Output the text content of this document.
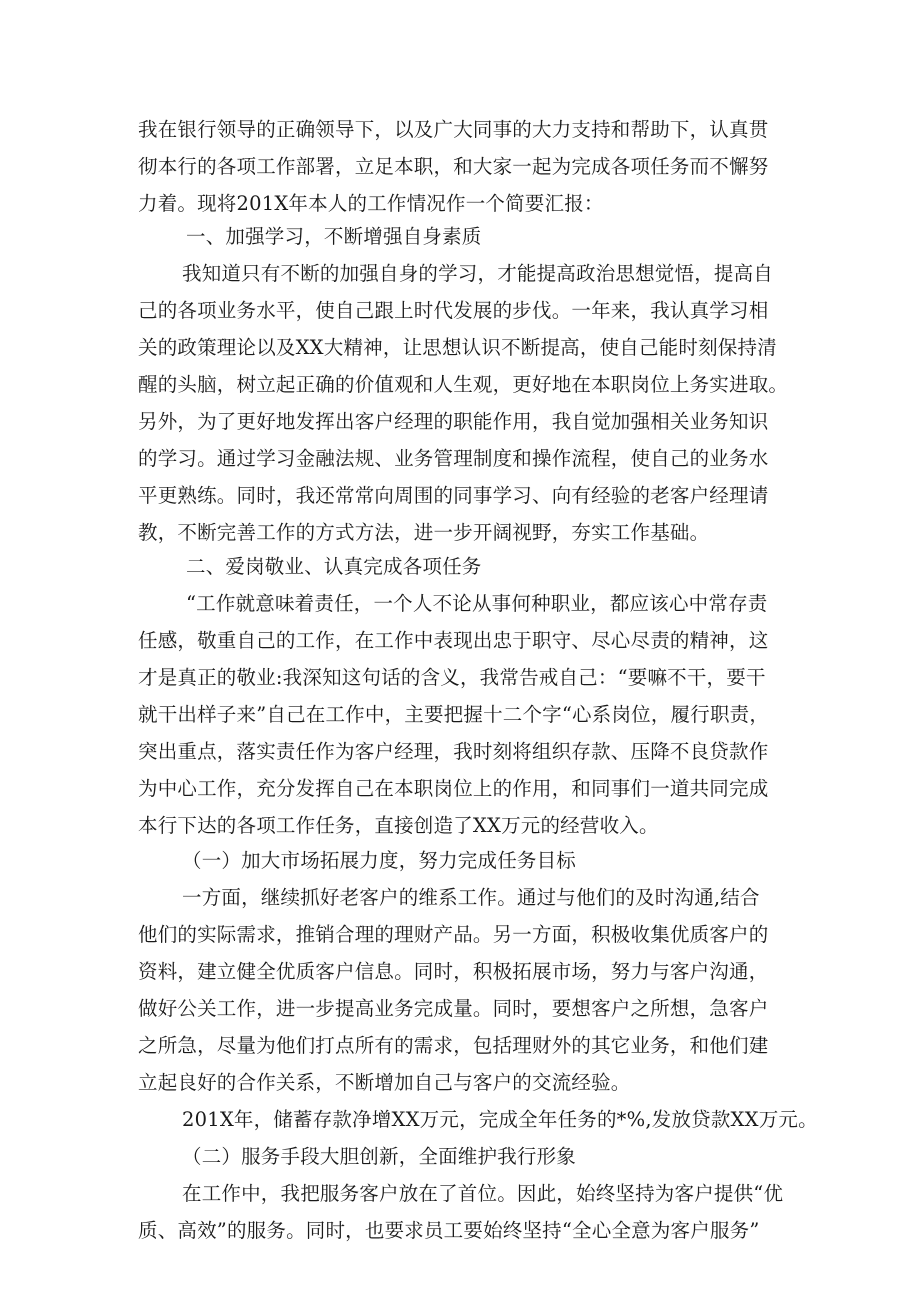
我在银行领导的正确领导下，以及广大同事的大力支持和帮助下，认真贯
彻本行的各项工作部署，立足本职，和大家一起为完成各项任务而不懈努
力着。现将201X年本人的工作情况作一个简要汇报：
一、加强学习，不断增强自身素质
我知道只有不断的加强自身的学习，才能提高政治思想觉悟，提高自
己的各项业务水平，使自己跟上时代发展的步伐。一年来，我认真学习相
关的政策理论以及XX大精神，让思想认识不断提高，使自己能时刻保持清
醒的头脑，树立起正确的价值观和人生观，更好地在本职岗位上务实进取。
另外，为了更好地发挥出客户经理的职能作用，我自觉加强相关业务知识
的学习。通过学习金融法规、业务管理制度和操作流程，使自己的业务水
平更熟练。同时，我还常常向周围的同事学习、向有经验的老客户经理请
教，不断完善工作的方式方法，进一步开阔视野，夯实工作基础。
二、爱岗敬业、认真完成各项任务
“工作就意味着责任，一个人不论从事何种职业，都应该心中常存责
任感，敬重自己的工作，在工作中表现出忠于职守、尽心尽责的精神，这
才是真正的敬业:我深知这句话的含义，我常告戒自己：“要嘛不干，要干
就干出样子来”自己在工作中，主要把握十二个字“心系岗位，履行职责，
突出重点，落实责任作为客户经理，我时刻将组织存款、压降不良贷款作
为中心工作，充分发挥自己在本职岗位上的作用，和同事们一道共同完成
本行下达的各项工作任务，直接创造了XX万元的经营收入。
（一）加大市场拓展力度，努力完成任务目标
一方面，继续抓好老客户的维系工作。通过与他们的及时沟通,结合
他们的实际需求，推销合理的理财产品。另一方面，积极收集优质客户的
资料，建立健全优质客户信息。同时，积极拓展市场，努力与客户沟通，
做好公关工作，进一步提高业务完成量。同时，要想客户之所想，急客户
之所急，尽量为他们打点所有的需求，包括理财外的其它业务，和他们建
立起良好的合作关系，不断增加自己与客户的交流经验。
201X年，储蓄存款净增XX万元，完成全年任务的*%,发放贷款XX万元。
（二）服务手段大胆创新，全面维护我行形象
在工作中，我把服务客户放在了首位。因此，始终坚持为客户提供“优
质、高效”的服务。同时，也要求员工要始终坚持“全心全意为客户服务”
